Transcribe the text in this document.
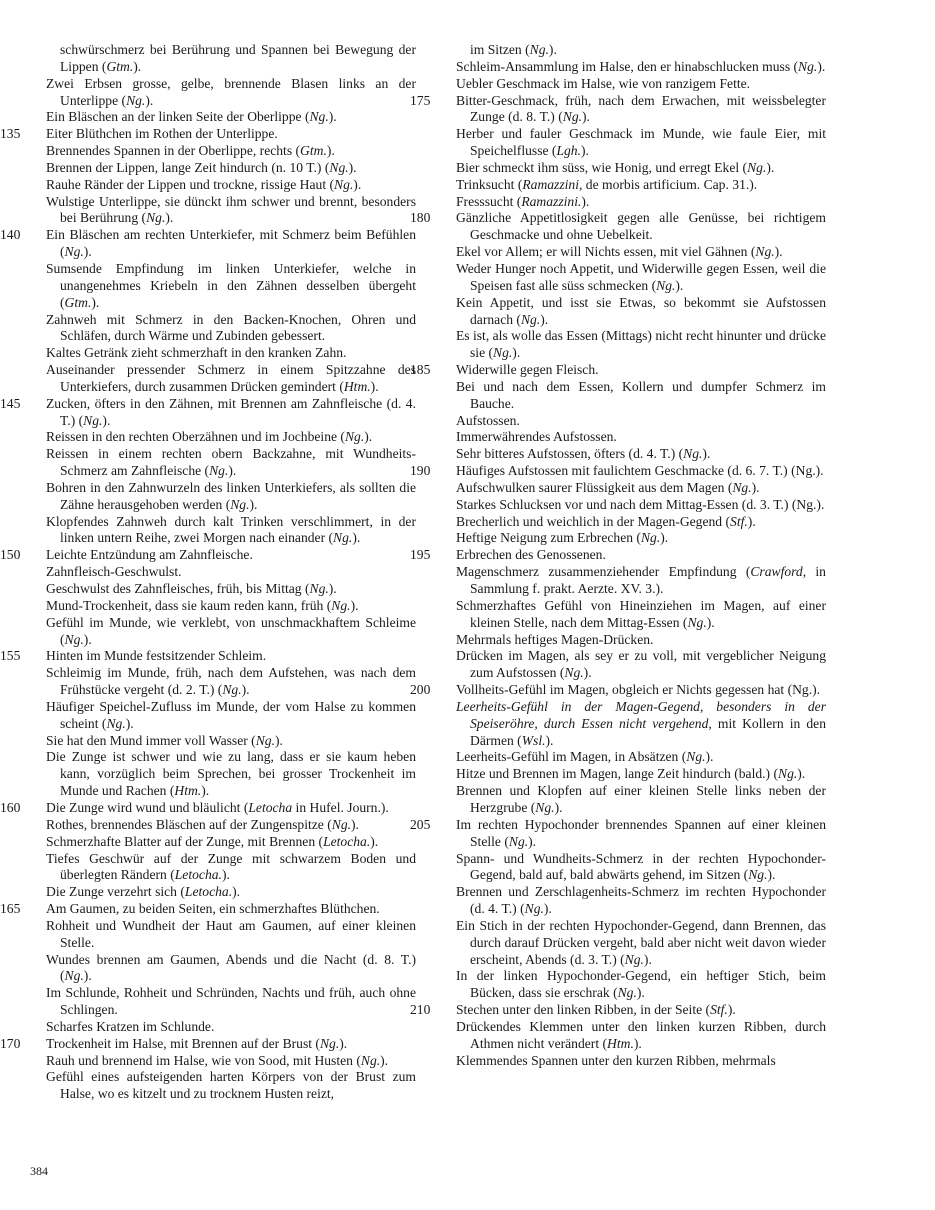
schwürschmerz bei Berührung und Spannen bei Bewegung der Lippen (Gtm.).
Zwei Erbsen grosse, gelbe, brennende Blasen links an der Unterlippe (Ng.).
Ein Bläschen an der linken Seite der Oberlippe (Ng.).
135 Eiter Blüthchen im Rothen der Unterlippe.
Brennendes Spannen in der Oberlippe, rechts (Gtm.).
Brennen der Lippen, lange Zeit hindurch (n. 10 T.) (Ng.).
Rauhe Ränder der Lippen und trockne, rissige Haut (Ng.).
Wulstige Unterlippe, sie dünckt ihm schwer und brennt, besonders bei Berührung (Ng.).
140 Ein Bläschen am rechten Unterkiefer, mit Schmerz beim Befühlen (Ng.).
Sumsende Empfindung im linken Unterkiefer, welche in unangenehmes Kriebeln in den Zähnen desselben übergeht (Gtm.).
Zahnweh mit Schmerz in den Backen-Knochen, Ohren und Schläfen, durch Wärme und Zubinden gebessert.
Kaltes Getränk zieht schmerzhaft in den kranken Zahn.
Auseinander pressender Schmerz in einem Spitzzahne des Unterkiefers, durch zusammen Drücken gemindert (Htm.).
145 Zucken, öfters in den Zähnen, mit Brennen am Zahnfleische (d. 4. T.) (Ng.).
Reissen in den rechten Oberzähnen und im Jochbeine (Ng.).
Reissen in einem rechten obern Backzahne, mit Wundheits-Schmerz am Zahnfleische (Ng.).
Bohren in den Zahnwurzeln des linken Unterkiefers, als sollten die Zähne herausgehoben werden (Ng.).
Klopfendes Zahnweh durch kalt Trinken verschlimmert, in der linken untern Reihe, zwei Morgen nach einander (Ng.).
150 Leichte Entzündung am Zahnfleische.
Zahnfleisch-Geschwulst.
Geschwulst des Zahnfleisches, früh, bis Mittag (Ng.).
Mund-Trockenheit, dass sie kaum reden kann, früh (Ng.).
Gefühl im Munde, wie verklebt, von unschmackhaftem Schleime (Ng.).
155 Hinten im Munde festsitzender Schleim.
Schleimig im Munde, früh, nach dem Aufstehen, was nach dem Frühstücke vergeht (d. 2. T.) (Ng.).
Häufiger Speichel-Zufluss im Munde, der vom Halse zu kommen scheint (Ng.).
Sie hat den Mund immer voll Wasser (Ng.).
Die Zunge ist schwer und wie zu lang, dass er sie kaum heben kann, vorzüglich beim Sprechen, bei grosser Trockenheit im Munde und Rachen (Htm.).
160 Die Zunge wird wund und bläulicht (Letocha in Hufel. Journ.).
Rothes, brennendes Bläschen auf der Zungenspitze (Ng.).
Schmerzhafte Blatter auf der Zunge, mit Brennen (Letocha.).
Tiefes Geschwür auf der Zunge mit schwarzem Boden und überlegten Rändern (Letocha.).
Die Zunge verzehrt sich (Letocha.).
165 Am Gaumen, zu beiden Seiten, ein schmerzhaftes Blüthchen.
Rohheit und Wundheit der Haut am Gaumen, auf einer kleinen Stelle.
Wundes brennen am Gaumen, Abends und die Nacht (d. 8. T.) (Ng.).
Im Schlunde, Rohheit und Schründen, Nachts und früh, auch ohne Schlingen.
Scharfes Kratzen im Schlunde.
170 Trockenheit im Halse, mit Brennen auf der Brust (Ng.).
Rauh und brennend im Halse, wie von Sood, mit Husten (Ng.).
Gefühl eines aufsteigenden harten Körpers von der Brust zum Halse, wo es kitzelt und zu trocknem Husten reizt,
im Sitzen (Ng.).
Schleim-Ansammlung im Halse, den er hinabschlucken muss (Ng.).
Uebler Geschmack im Halse, wie von ranzigem Fette.
175 Bitter-Geschmack, früh, nach dem Erwachen, mit weissbelegter Zunge (d. 8. T.) (Ng.).
Herber und fauler Geschmack im Munde, wie faule Eier, mit Speichelflusse (Lgh.).
Bier schmeckt ihm süss, wie Honig, und erregt Ekel (Ng.).
Trinksucht (Ramazzini, de morbis artificium. Cap. 31.).
Fresssucht (Ramazzini.).
180 Gänzliche Appetitlosigkeit gegen alle Genüsse, bei richtigem Geschmacke und ohne Uebelkeit.
Ekel vor Allem; er will Nichts essen, mit viel Gähnen (Ng.).
Weder Hunger noch Appetit, und Widerwille gegen Essen, weil die Speisen fast alle süss schmecken (Ng.).
Kein Appetit, und isst sie Etwas, so bekommt sie Aufstossen darnach (Ng.).
Es ist, als wolle das Essen (Mittags) nicht recht hinunter und drücke sie (Ng.).
185 Widerwille gegen Fleisch.
Bei und nach dem Essen, Kollern und dumpfer Schmerz im Bauche.
Aufstossen.
Immerwährendes Aufstossen.
Sehr bitteres Aufstossen, öfters (d. 4. T.) (Ng.).
190 Häufiges Aufstossen mit faulichtem Geschmacke (d. 6. 7. T.) (Ng.).
Aufschwulken saurer Flüssigkeit aus dem Magen (Ng.).
Starkes Schlucksen vor und nach dem Mittag-Essen (d. 3. T.) (Ng.).
Brecherlich und weichlich in der Magen-Gegend (Stf.).
Heftige Neigung zum Erbrechen (Ng.).
195 Erbrechen des Genossenen.
Magenschmerz zusammenziehender Empfindung (Crawford, in Sammlung f. prakt. Aerzte. XV. 3.).
Schmerzhaftes Gefühl von Hineinziehen im Magen, auf einer kleinen Stelle, nach dem Mittag-Essen (Ng.).
Mehrmals heftiges Magen-Drücken.
Drücken im Magen, als sey er zu voll, mit vergeblicher Neigung zum Aufstossen (Ng.).
200 Vollheits-Gefühl im Magen, obgleich er Nichts gegessen hat (Ng.).
Leerheits-Gefühl in der Magen-Gegend, besonders in der Speiseröhre, durch Essen nicht vergehend, mit Kollern in den Därmen (Wsl.).
Leerheits-Gefühl im Magen, in Absätzen (Ng.).
Hitze und Brennen im Magen, lange Zeit hindurch (bald.) (Ng.).
Brennen und Klopfen auf einer kleinen Stelle links neben der Herzgrube (Ng.).
205 Im rechten Hypochonder brennendes Spannen auf einer kleinen Stelle (Ng.).
Spann- und Wundheits-Schmerz in der rechten Hypochonder-Gegend, bald auf, bald abwärts gehend, im Sitzen (Ng.).
Brennen und Zerschlagenheits-Schmerz im rechten Hypochonder (d. 4. T.) (Ng.).
Ein Stich in der rechten Hypochonder-Gegend, dann Brennen, das durch darauf Drücken vergeht, bald aber nicht weit davon wieder erscheint, Abends (d. 3. T.) (Ng.).
In der linken Hypochonder-Gegend, ein heftiger Stich, beim Bücken, dass sie erschrak (Ng.).
210 Stechen unter den linken Ribben, in der Seite (Stf.).
Drückendes Klemmen unter den linken kurzen Ribben, durch Athmen nicht verändert (Htm.).
Klemmendes Spannen unter den kurzen Ribben, mehrmals
384
